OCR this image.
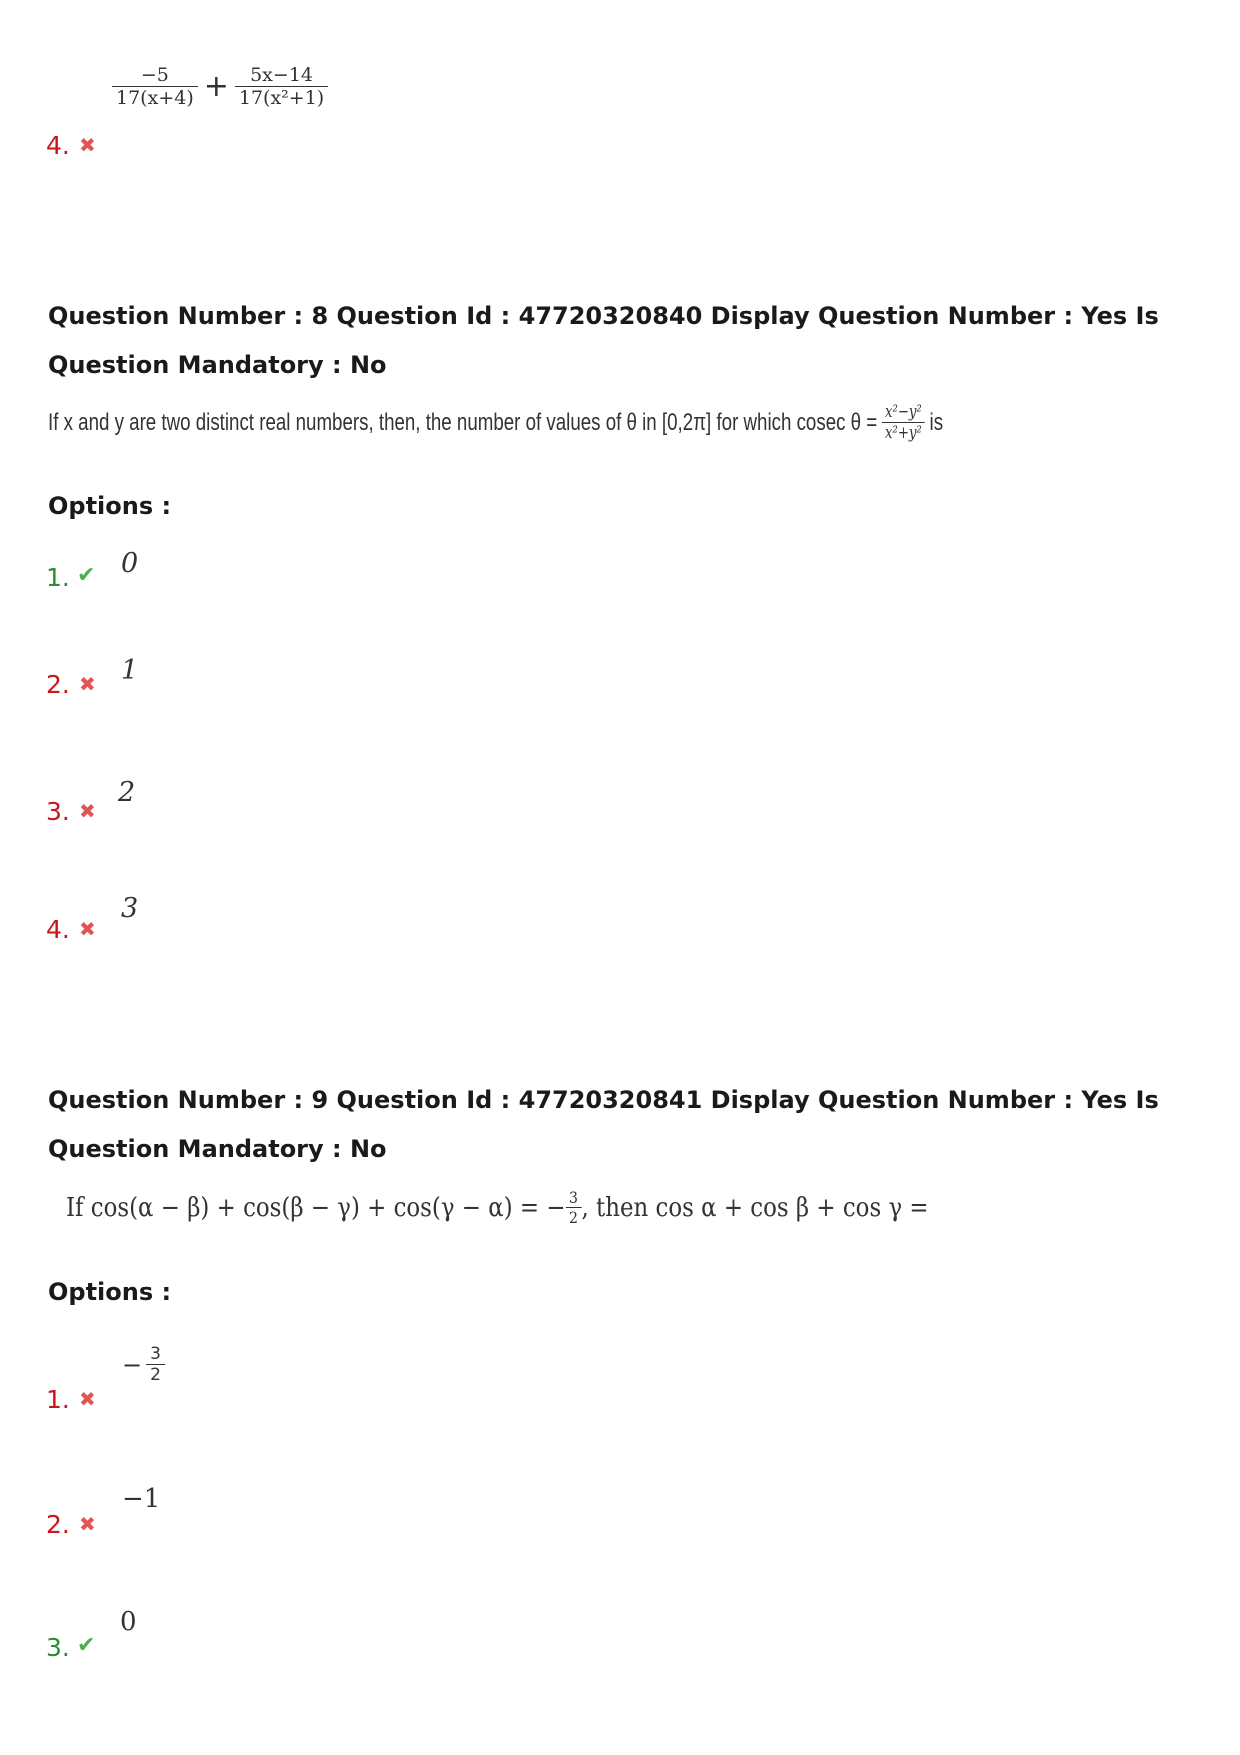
$\frac{-5}{17(x+4)} + \frac{5x-14}{\text{17(x²+1)}}$
4. ✖
Question Number : 8 Question Id : 47720320840 Display Question Number : Yes Is Question Mandatory : No
If x and y are two distinct real numbers, then, the number of values of θ in [0,2π] for which cosec $\theta = \frac{\text{x²−y²}}{\text{x²+y²}}$ is
Options :
1. ✔ 0
2. ✖ 1
3. ✖
2
4. ✖
3
Question Number : 9 Question Id : 47720320841 Display Question Number : Yes Is Question Mandatory : No
If cos(α − β) + cos(β − γ) + cos(γ − α) = − $\frac{3}{2}$ , then cos α + cos β + cos γ =
Options :
− $\frac{3}{2}$
1. ✖
−1
2. ✖
0
3. ✔
